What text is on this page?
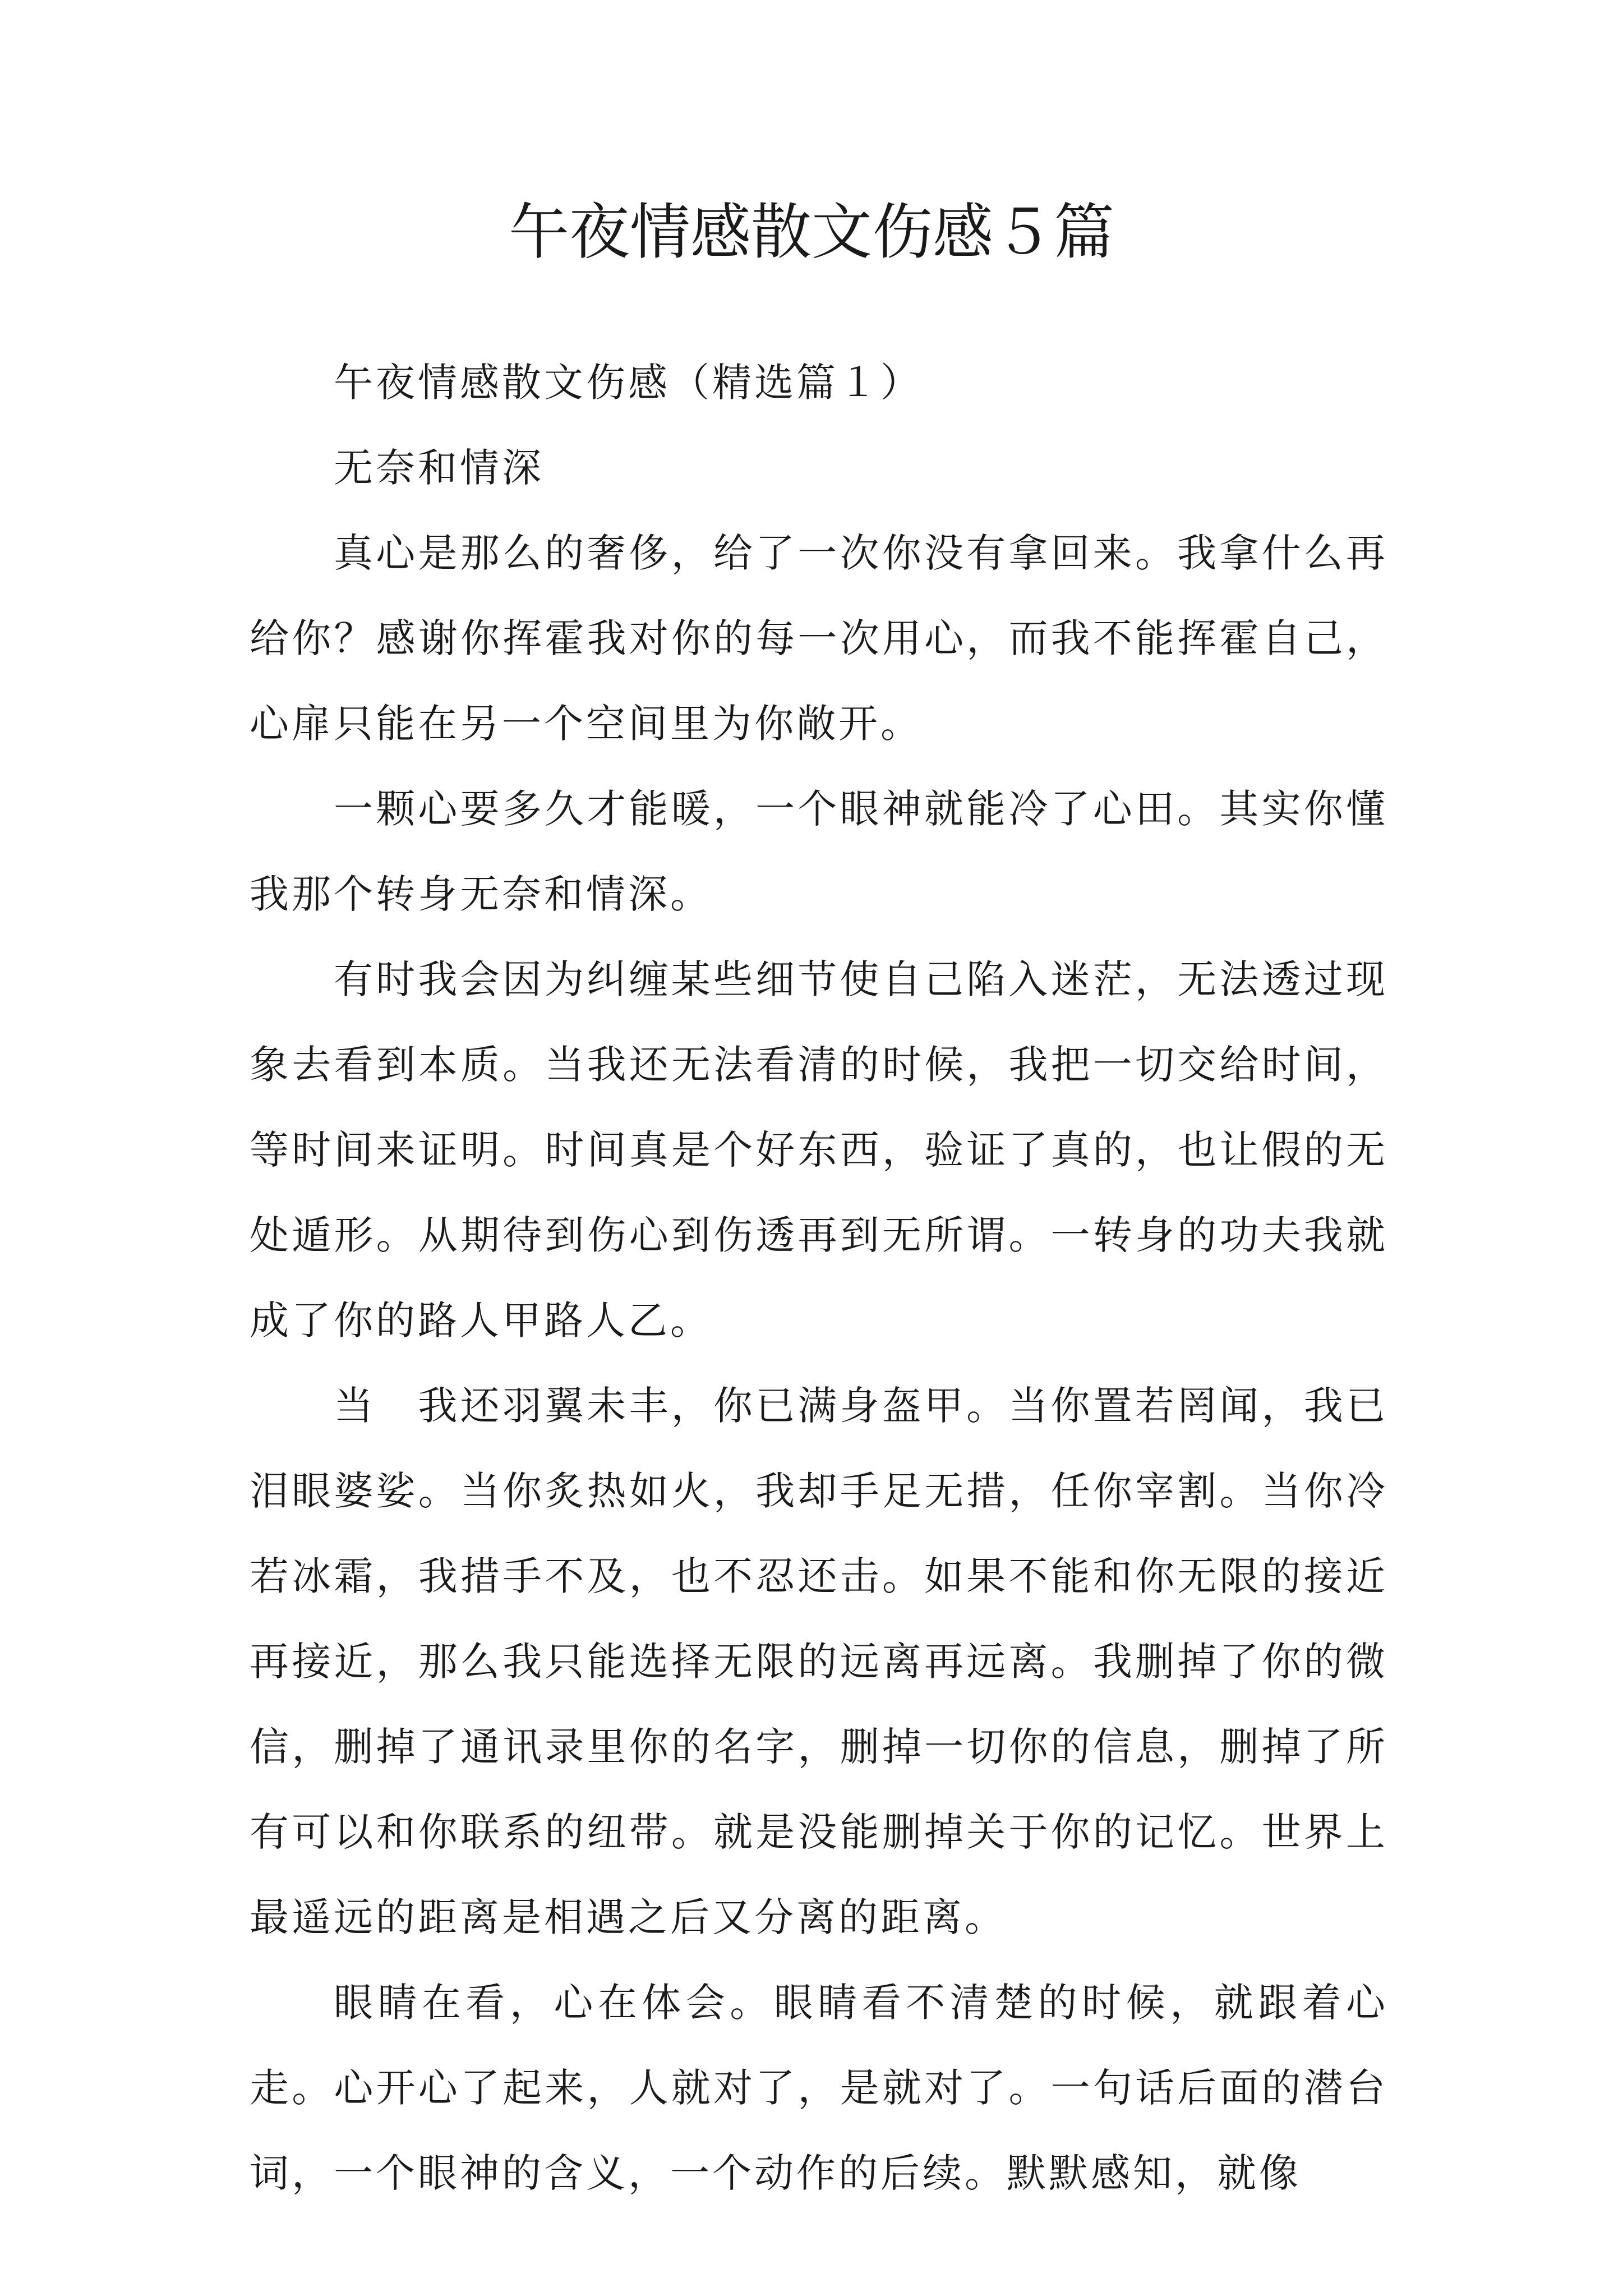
午夜情感散文伤感５篇

午夜情感散文伤感（精选篇１）

无奈和情深

真心是那么的奢侈，给了一次你没有拿回来。我拿什么再给你？感谢你挥霍我对你的每一次用心，而我不能挥霍自己，心扉只能在另一个空间里为你敞开。

一颗心要多久才能暖，一个眼神就能冷了心田。其实你懂我那个转身无奈和情深。

有时我会因为纠缠某些细节使自己陷入迷茫，无法透过现象去看到本质。当我还无法看清的时候，我把一切交给时间，等时间来证明。时间真是个好东西，验证了真的，也让假的无处遁形。从期待到伤心到伤透再到无所谓。一转身的功夫我就成了你的路人甲路人乙。

当　我还羽翼未丰，你已满身盔甲。当你置若罔闻，我已泪眼婆娑。当你炙热如火，我却手足无措，任你宰割。当你冷若冰霜，我措手不及，也不忍还击。如果不能和你无限的接近再接近，那么我只能选择无限的远离再远离。我删掉了你的微信，删掉了通讯录里你的名字，删掉一切你的信息，删掉了所有可以和你联系的纽带。就是没能删掉关于你的记忆。世界上最遥远的距离是相遇之后又分离的距离。

眼睛在看，心在体会。眼睛看不清楚的时候，就跟着心走。心开心了起来，人就对了，是就对了。一句话后面的潜台词，一个眼神的含义，一个动作的后续。默默感知，就像
